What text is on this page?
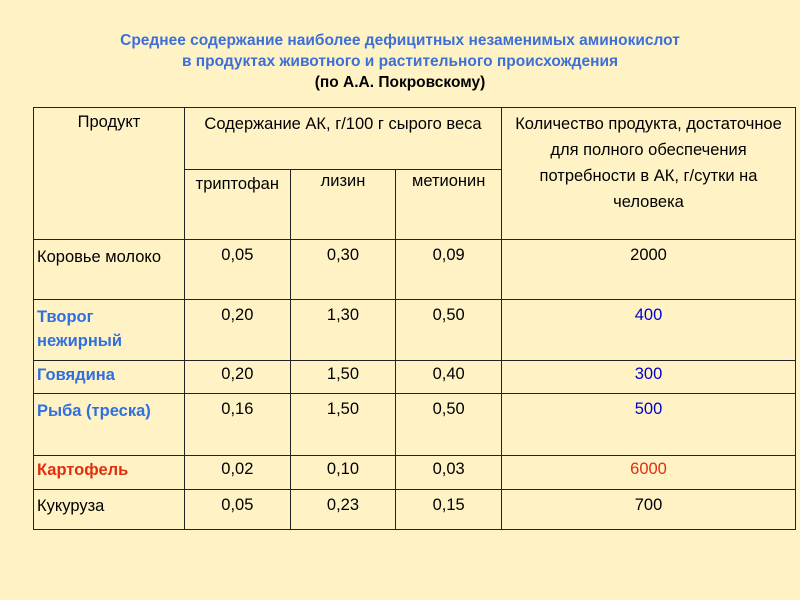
Среднее содержание наиболее дефицитных незаменимых аминокислот
в продуктах животного и растительного происхождения
(по А.А. Покровскому)
Продукт	Содержание АК, г/100 г сырого веса			Количество продукта, достаточное для полного обеспечения потребности в АК, г/сутки на человека
	триптофан	лизин	метионин	
Коровье молоко	0,05	0,30	0,09	2000
Творог нежирный	0,20	1,30	0,50	400
Говядина	0,20	1,50	0,40	300
Рыба (треска)	0,16	1,50	0,50	500
Картофель	0,02	0,10	0,03	6000
Кукуруза	0,05	0,23	0,15	700
